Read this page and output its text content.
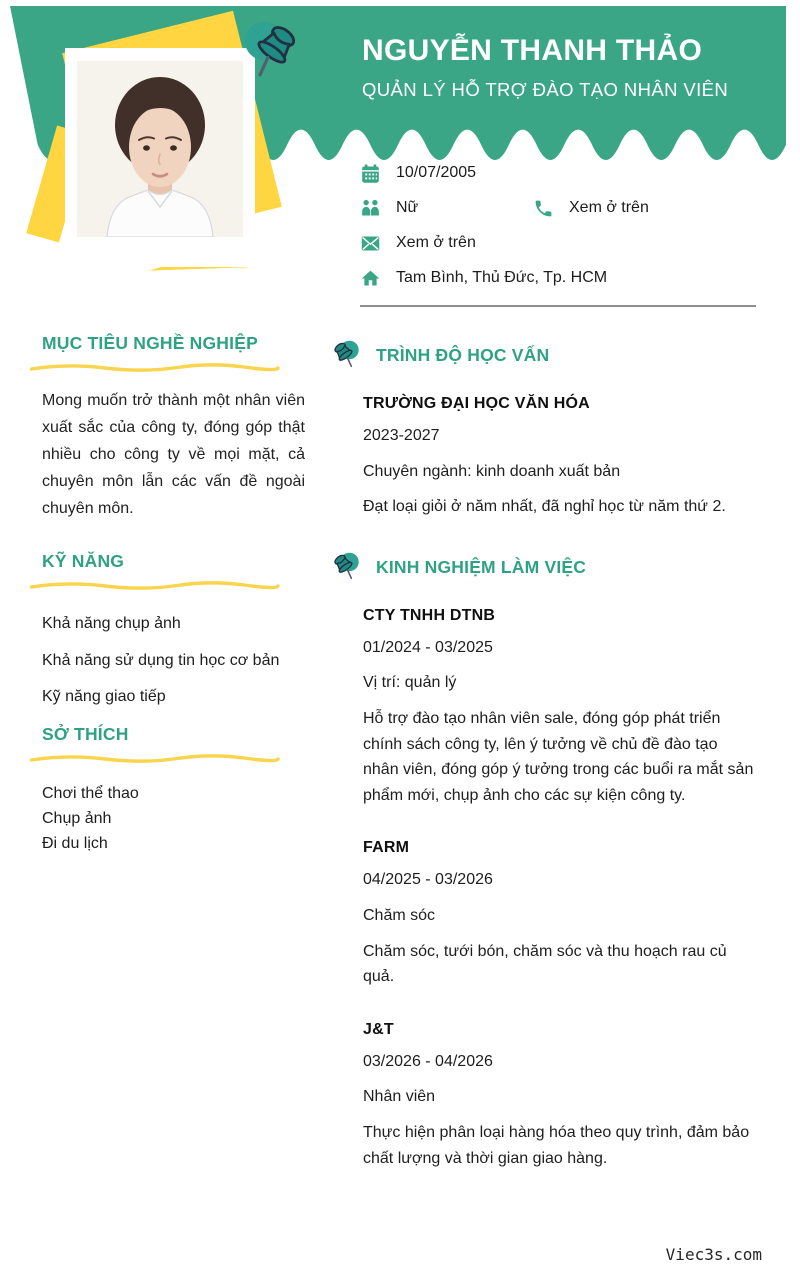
NGUYỄN THANH THẢO
QUẢN LÝ HỖ TRỢ ĐÀO TẠO NHÂN VIÊN
10/07/2005
Nữ	Xem ở trên
Xem ở trên
Tam Bình, Thủ Đức, Tp. HCM
MỤC TIÊU NGHỀ NGHIỆP

Mong muốn trở thành một nhân viên xuất sắc của công ty, đóng góp thật nhiều cho công ty về mọi mặt, cả chuyên môn lẫn các vấn đề ngoài chuyên môn.

KỸ NĂNG

Khả năng chụp ảnh

Khả năng sử dụng tin học cơ bản

Kỹ năng giao tiếp

SỞ THÍCH

Chơi thể thao

Chụp ảnh

Đi du lịch

TRÌNH ĐỘ HỌC VẤN
TRƯỜNG ĐẠI HỌC VĂN HÓA

2023-2027

Chuyên ngành: kinh doanh xuất bản

Đạt loại giỏi ở năm nhất, đã nghỉ học từ năm thứ 2.

KINH NGHIỆM LÀM VIỆC
CTY TNHH DTNB

01/2024 - 03/2025

Vị trí: quản lý

Hỗ trợ đào tạo nhân viên sale, đóng góp phát triển chính sách công ty, lên ý tưởng về chủ đề đào tạo nhân viên, đóng góp ý tưởng trong các buổi ra mắt sản phẩm mới, chụp ảnh cho các sự kiện công ty.

FARM

04/2025 - 03/2026

Chăm sóc

Chăm sóc, tưới bón, chăm sóc và thu hoạch rau củ quả.

J&T

03/2026 - 04/2026

Nhân viên

Thực hiện phân loại hàng hóa theo quy trình, đảm bảo chất lượng và thời gian giao hàng.

Viec3s.com
